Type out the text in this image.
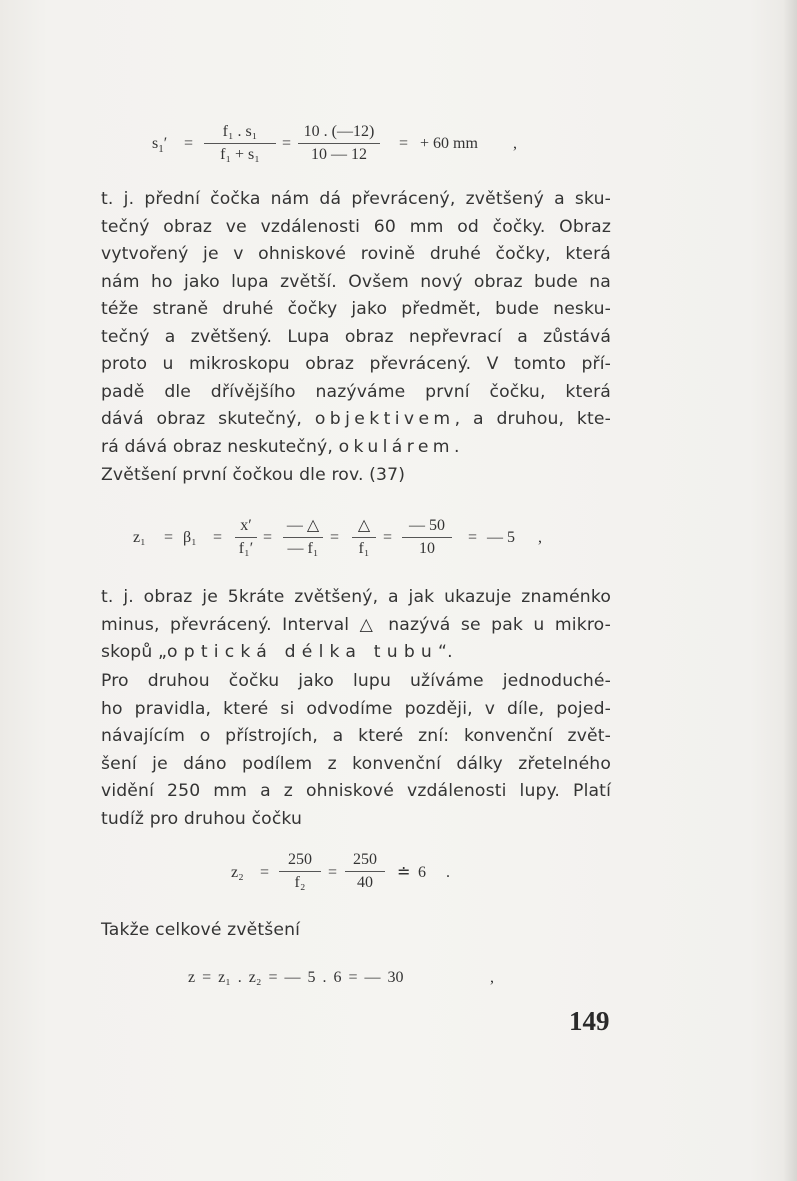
$s_1'$ =
f₁ . s₁
f₁ + s₁
=
10 . (—12)
10 — 12
= + 60 mm ,
t. j. přední čočka nám dá převrácený, zvětšený a sku-
tečný obraz ve vzdálenosti 60 mm od čočky. Obraz
vytvořený je v ohniskové rovině druhé čočky, která
nám ho jako lupa zvětší. Ovšem nový obraz bude na
téže straně druhé čočky jako předmět, bude nesku-
tečný a zvětšený. Lupa obraz nepřevrací a zůstává
proto u mikroskopu obraz převrácený. V tomto pří-
padě dle dřívějšího nazýváme první čočku, která
dává obraz skutečný, objektivem, a druhou, kte-
rá dává obraz neskutečný, okulárem.
Zvětšení první čočkou dle rov. (37)
z₁ = β₁ =
x′
f₁′
=
— △
— f₁
=
△
f₁
=
— 50
10
= — 5 ,
t. j. obraz je 5kráte zvětšený, a jak ukazuje znaménko
minus, převrácený. Interval △ nazývá se pak u mikro-
skopů „optická délka tubu“.
Pro druhou čočku jako lupu užíváme jednoduché-
ho pravidla, které si odvodíme později, v díle, pojed-
návajícím o přístrojích, a které zní: konvenční zvět-
šení je dáno podílem z konvenční dálky zřetelného
vidění 250 mm a z ohniskové vzdálenosti lupy. Platí
tudíž pro druhou čočku
z₂ =
250
f₂
=
250
40
≐ 6 .
Takže celkové zvětšení
z = z₁ . z₂ = — 5 . 6 = — 30	,
149
